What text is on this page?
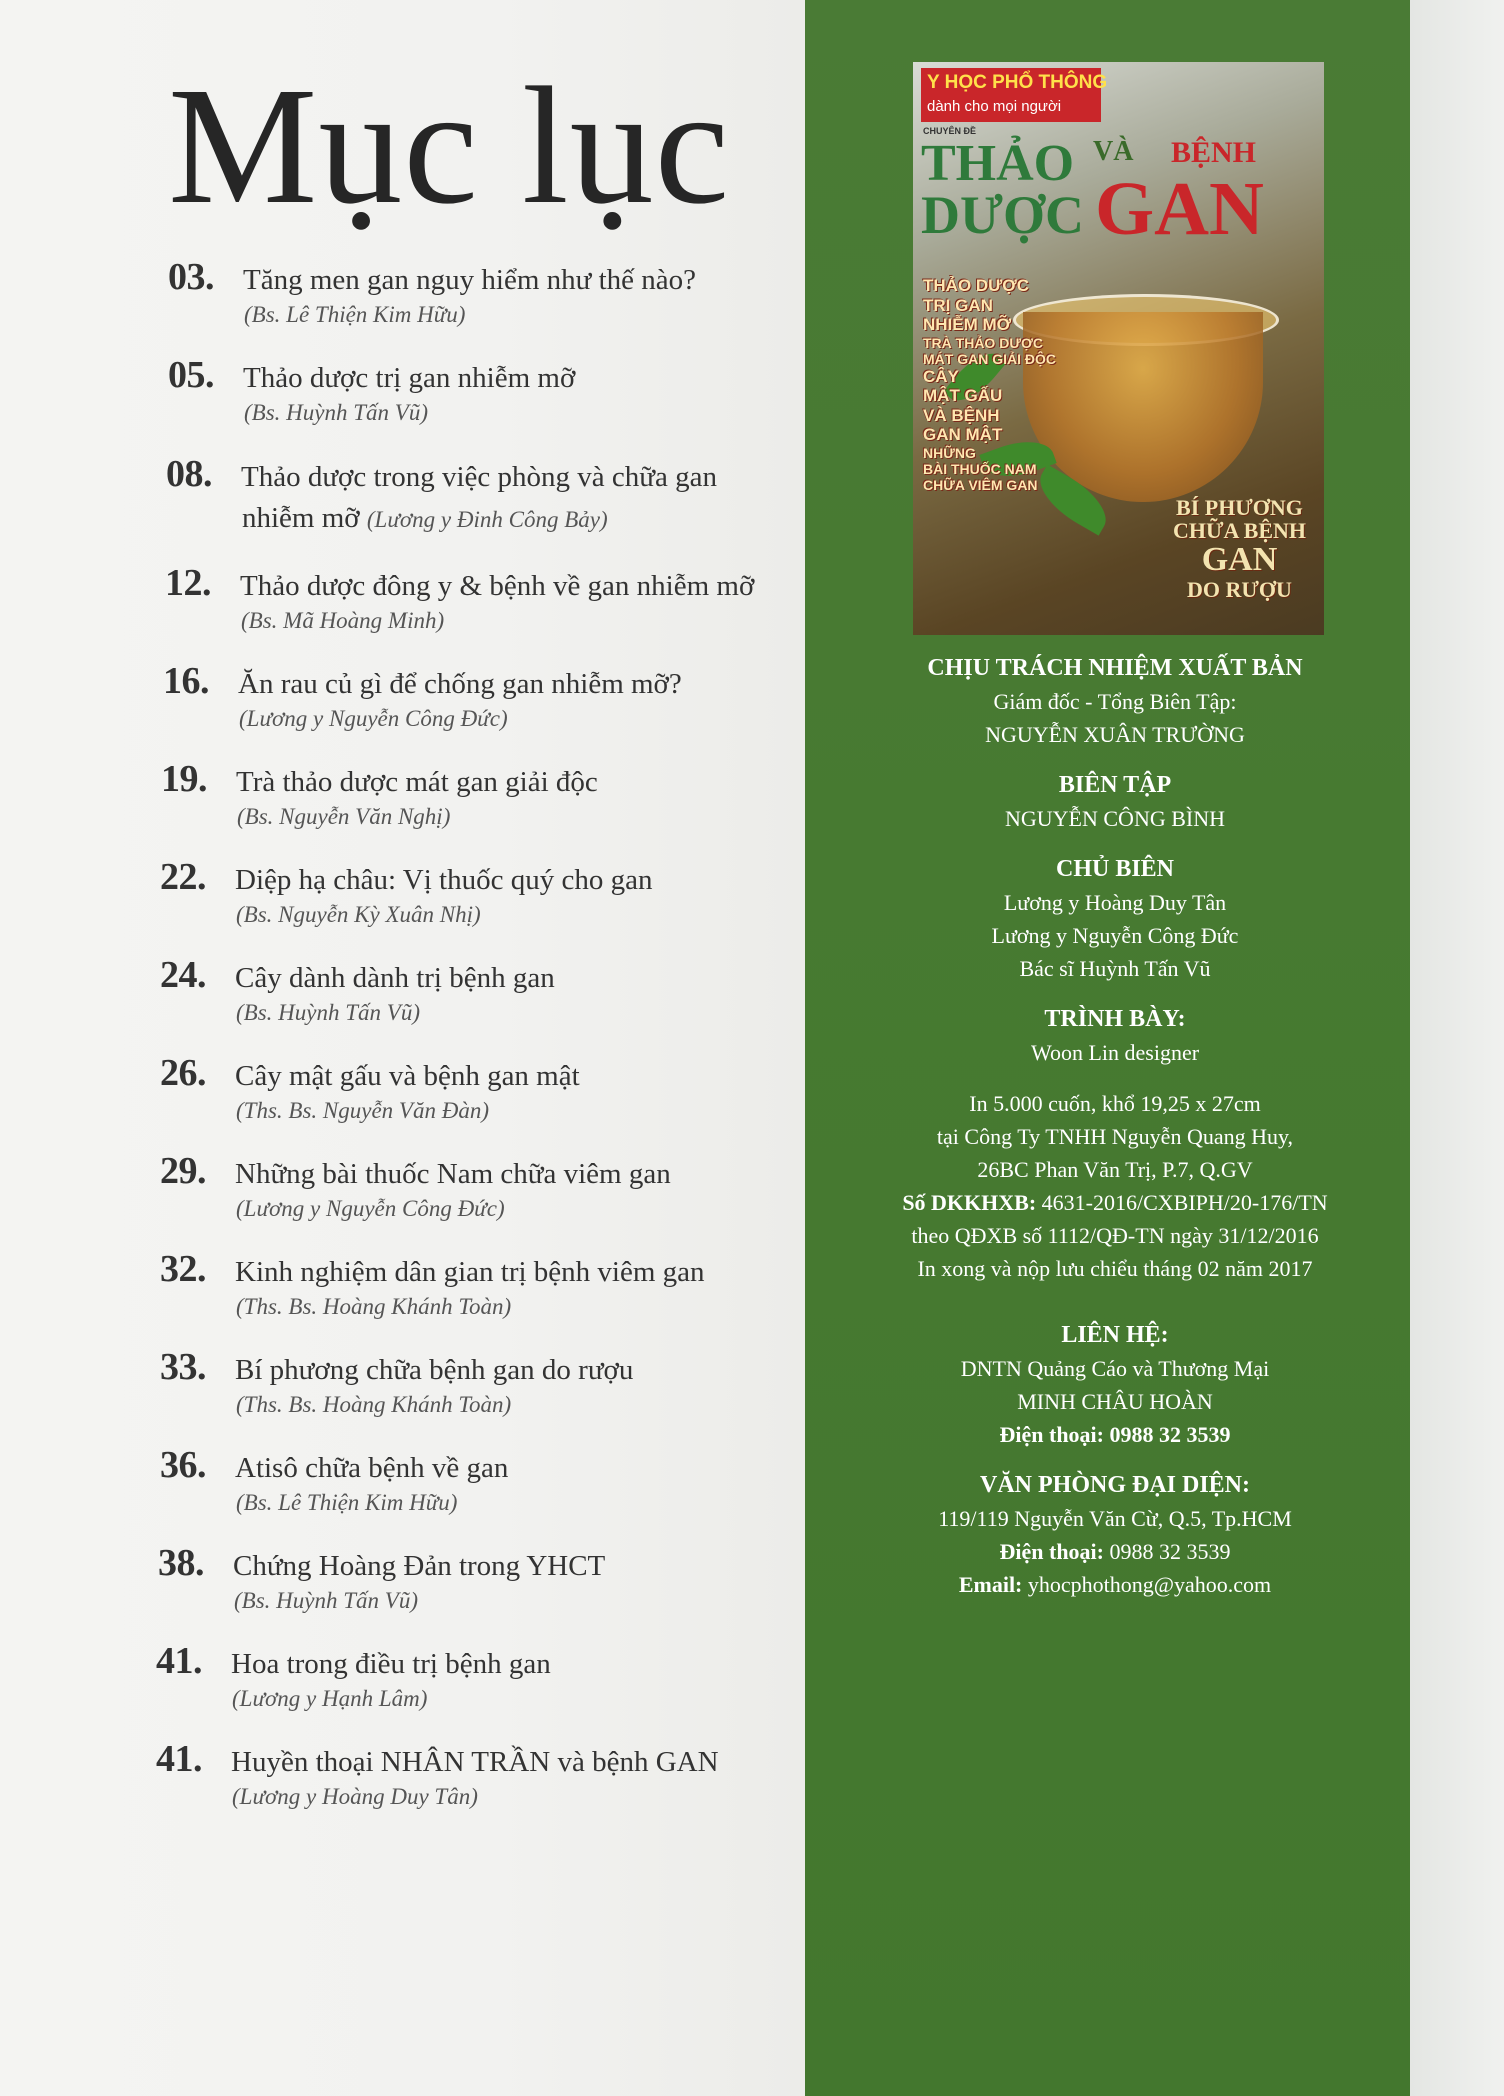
Mục lục
03.	Tăng men gan nguy hiểm như thế nào?
(Bs. Lê Thiện Kim Hữu)
05.	Thảo dược trị gan nhiễm mỡ
(Bs. Huỳnh Tấn Vũ)
08.	Thảo dược trong việc phòng và chữa gan
nhiễm mỡ (Lương y Đinh Công Bảy)
12.	Thảo dược đông y & bệnh về gan nhiễm mỡ
(Bs. Mã Hoàng Minh)
16.	Ăn rau củ gì để chống gan nhiễm mỡ?
(Lương y Nguyễn Công Đức)
19.	Trà thảo dược mát gan giải độc
(Bs. Nguyễn Văn Nghị)
22.	Diệp hạ châu: Vị thuốc quý cho gan
(Bs. Nguyễn Kỳ Xuân Nhị)
24.	Cây dành dành trị bệnh gan
(Bs. Huỳnh Tấn Vũ)
26.	Cây mật gấu và bệnh gan mật
(Ths. Bs. Nguyễn Văn Đàn)
29.	Những bài thuốc Nam chữa viêm gan
(Lương y Nguyễn Công Đức)
32.	Kinh nghiệm dân gian trị bệnh viêm gan
(Ths. Bs. Hoàng Khánh Toàn)
33.	Bí phương chữa bệnh gan do rượu
(Ths. Bs. Hoàng Khánh Toàn)
36.	Atisô chữa bệnh về gan
(Bs. Lê Thiện Kim Hữu)
38.	Chứng Hoàng Đản trong YHCT
(Bs. Huỳnh Tấn Vũ)
41.	Hoa trong điều trị bệnh gan
(Lương y Hạnh Lâm)
41.	Huyền thoại NHÂN TRẦN và bệnh GAN
(Lương y Hoàng Duy Tân)
Y HỌC PHỔ THÔNG
dành cho mọi người
CHUYÊN ĐỀ
THẢO VÀ BỆNH
DƯỢC GAN
THẢO DƯỢC
TRỊ GAN
NHIỄM MỠ
TRÀ THẢO DƯỢC
MÁT GAN GIẢI ĐỘC
CÂY
MẬT GẤU
VÀ BỆNH
GAN MẬT
NHỮNG
BÀI THUỐC NAM
CHỮA VIÊM GAN
BÍ PHƯƠNG
CHỮA BỆNH
GAN
DO RƯỢU
CHỊU TRÁCH NHIỆM XUẤT BẢN
Giám đốc - Tổng Biên Tập:
NGUYỄN XUÂN TRƯỜNG
BIÊN TẬP
NGUYỄN CÔNG BÌNH
CHỦ BIÊN
Lương y Hoàng Duy Tân
Lương y Nguyễn Công Đức
Bác sĩ Huỳnh Tấn Vũ
TRÌNH BÀY:
Woon Lin designer
In 5.000 cuốn, khổ 19,25 x 27cm
tại Công Ty TNHH Nguyễn Quang Huy,
26BC Phan Văn Trị, P.7, Q.GV
Số DKKHXB: 4631-2016/CXBIPH/20-176/TN
theo QĐXB số 1112/QĐ-TN ngày 31/12/2016
In xong và nộp lưu chiểu tháng 02 năm 2017
LIÊN HỆ:
DNTN Quảng Cáo và Thương Mại
MINH CHÂU HOÀN
Điện thoại: 0988 32 3539
VĂN PHÒNG ĐẠI DIỆN:
119/119 Nguyễn Văn Cừ, Q.5, Tp.HCM
Điện thoại: 0988 32 3539
Email: yhocphothong@yahoo.com
